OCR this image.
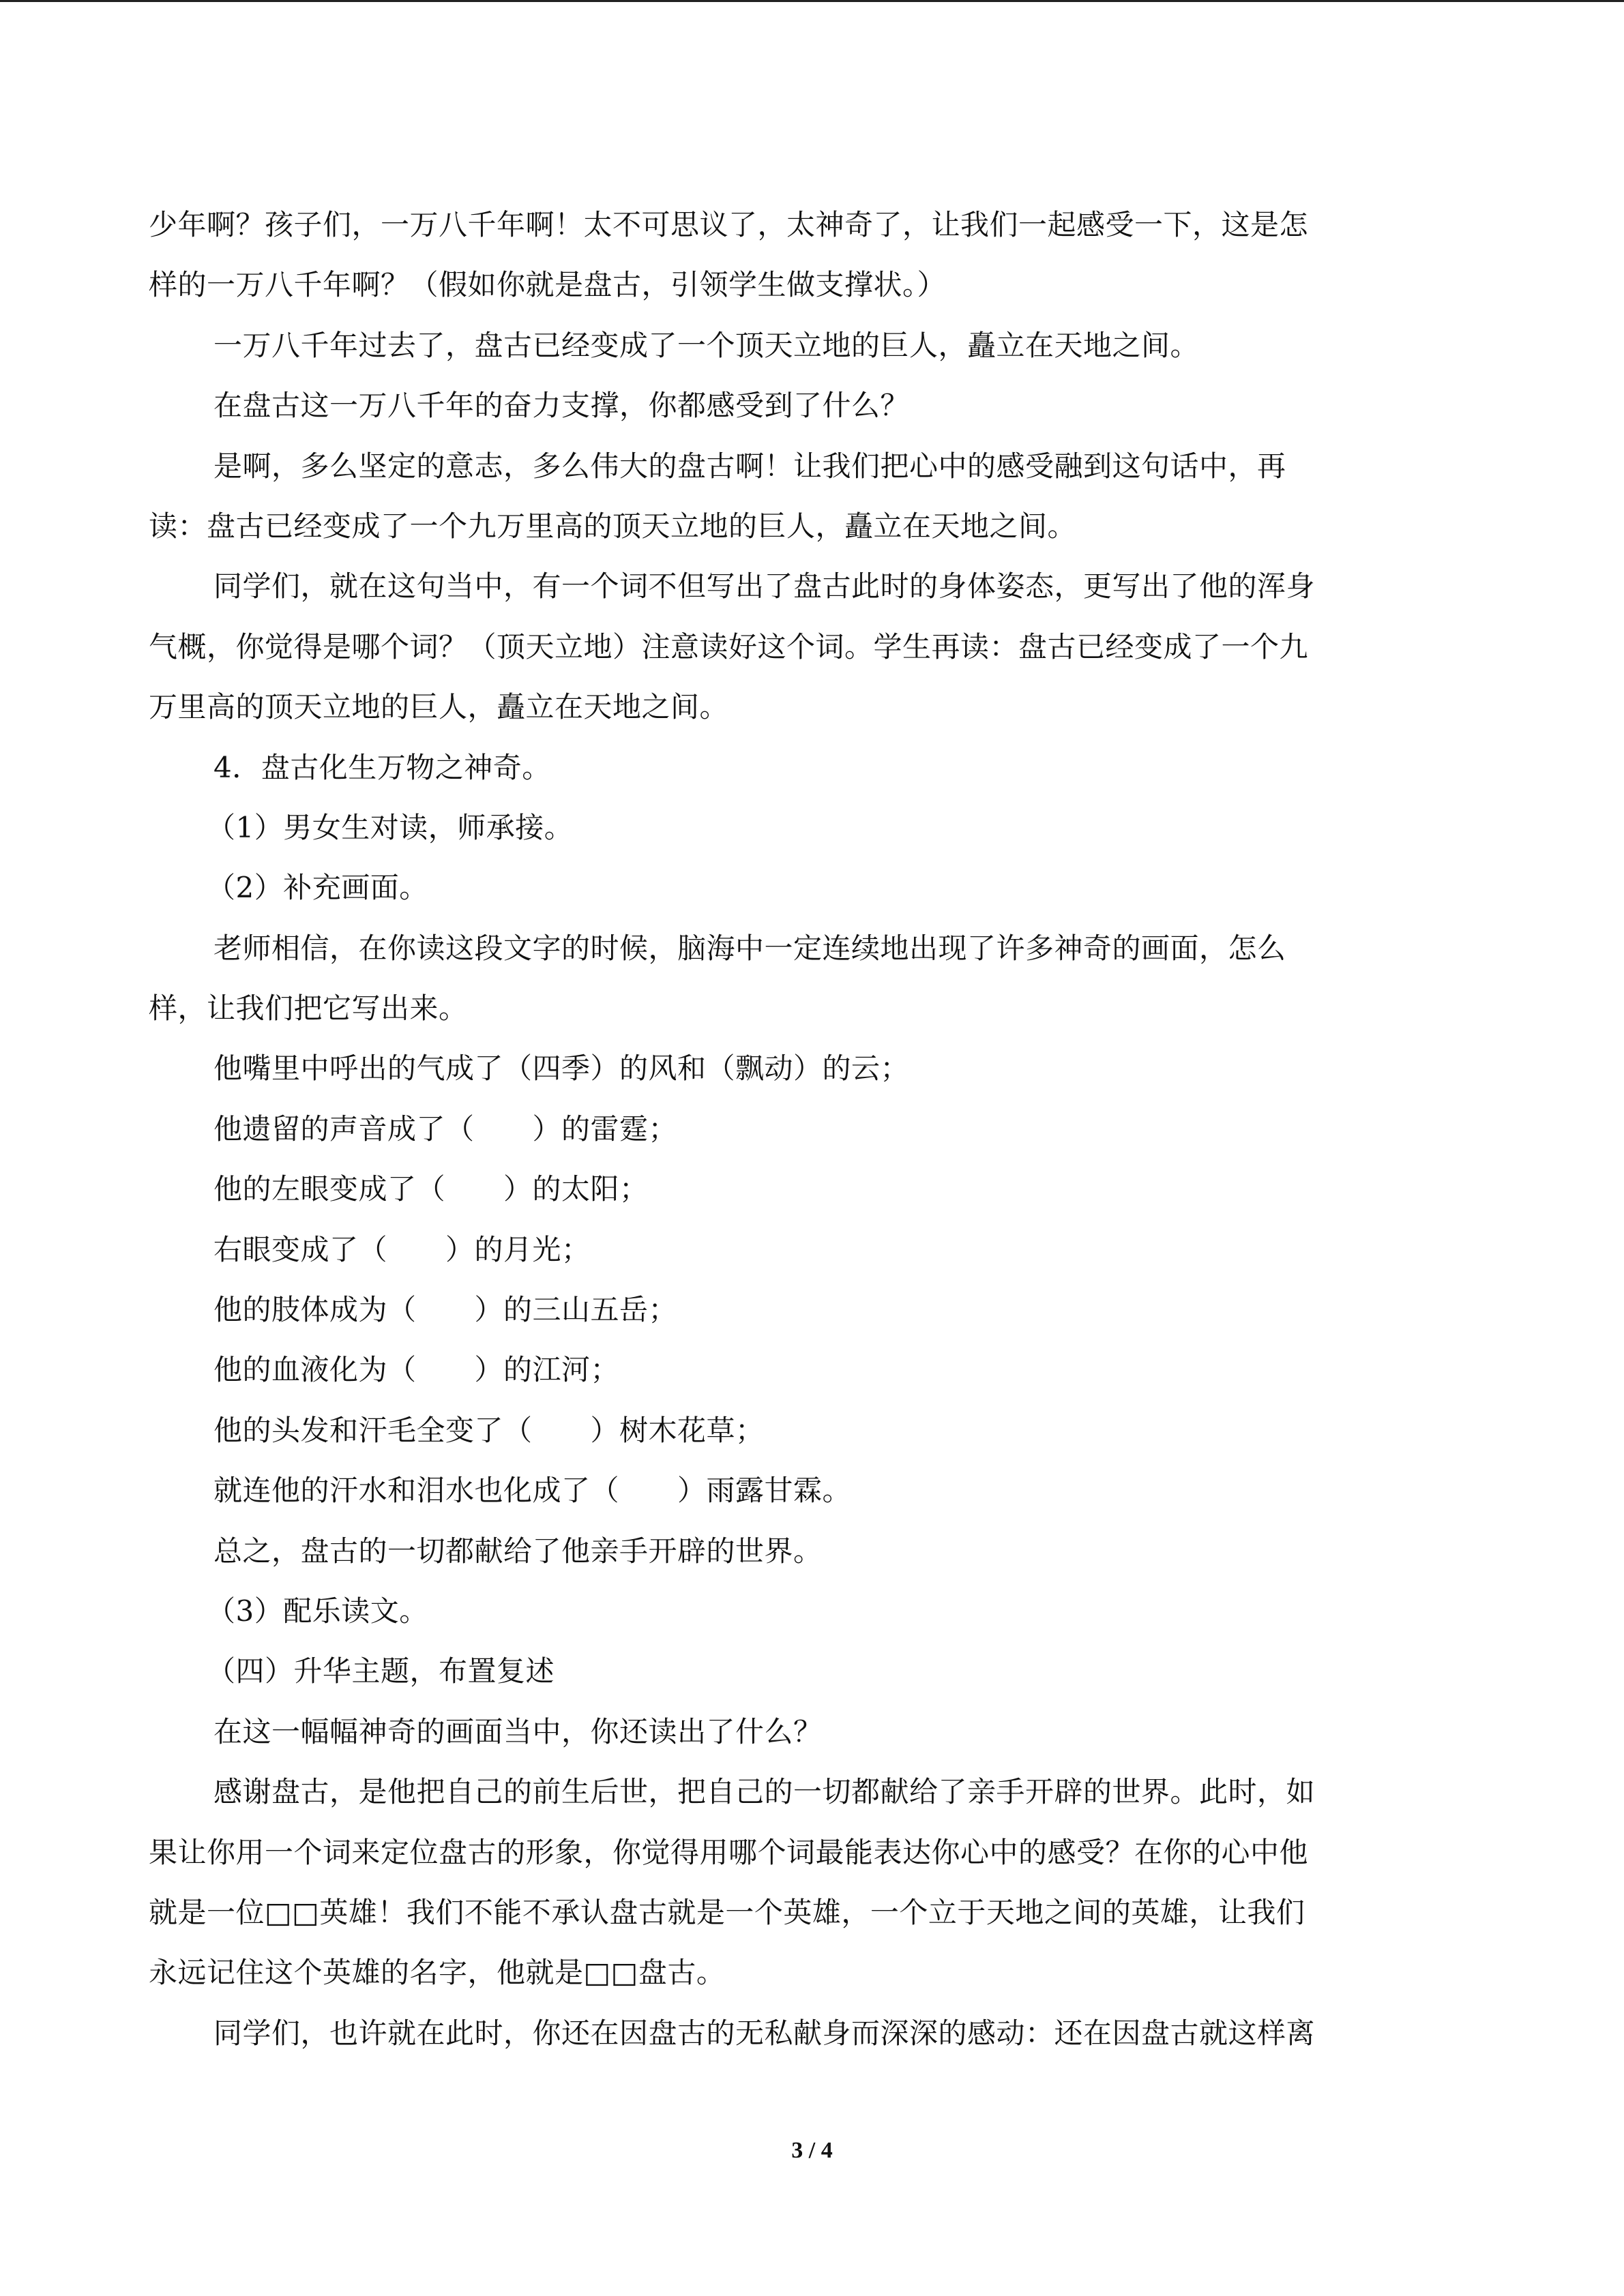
少年啊？孩子们，一万八千年啊！太不可思议了，太神奇了，让我们一起感受一下，这是怎
样的一万八千年啊？（假如你就是盘古，引领学生做支撑状。）
一万八千年过去了，盘古已经变成了一个顶天立地的巨人，矗立在天地之间。
在盘古这一万八千年的奋力支撑，你都感受到了什么？
是啊，多么坚定的意志，多么伟大的盘古啊！让我们把心中的感受融到这句话中，再
读：盘古已经变成了一个九万里高的顶天立地的巨人，矗立在天地之间。
同学们，就在这句当中，有一个词不但写出了盘古此时的身体姿态，更写出了他的浑身
气概，你觉得是哪个词？（顶天立地）注意读好这个词。学生再读：盘古已经变成了一个九
万里高的顶天立地的巨人，矗立在天地之间。
4．盘古化生万物之神奇。
（1）男女生对读，师承接。
（2）补充画面。
老师相信，在你读这段文字的时候，脑海中一定连续地出现了许多神奇的画面，怎么
样，让我们把它写出来。
他嘴里中呼出的气成了（四季）的风和（飘动）的云；
他遗留的声音成了（　　）的雷霆；
他的左眼变成了（　　）的太阳；
右眼变成了（　　）的月光；
他的肢体成为（　　）的三山五岳；
他的血液化为（　　）的江河；
他的头发和汗毛全变了（　　）树木花草；
就连他的汗水和泪水也化成了（　　）雨露甘霖。
总之，盘古的一切都献给了他亲手开辟的世界。
（3）配乐读文。
（四）升华主题，布置复述
在这一幅幅神奇的画面当中，你还读出了什么？
感谢盘古，是他把自己的前生后世，把自己的一切都献给了亲手开辟的世界。此时，如
果让你用一个词来定位盘古的形象，你觉得用哪个词最能表达你心中的感受？在你的心中他
就是一位□□英雄！我们不能不承认盘古就是一个英雄，一个立于天地之间的英雄，让我们
永远记住这个英雄的名字，他就是□□盘古。
同学们，也许就在此时，你还在因盘古的无私献身而深深的感动：还在因盘古就这样离
3 / 4
